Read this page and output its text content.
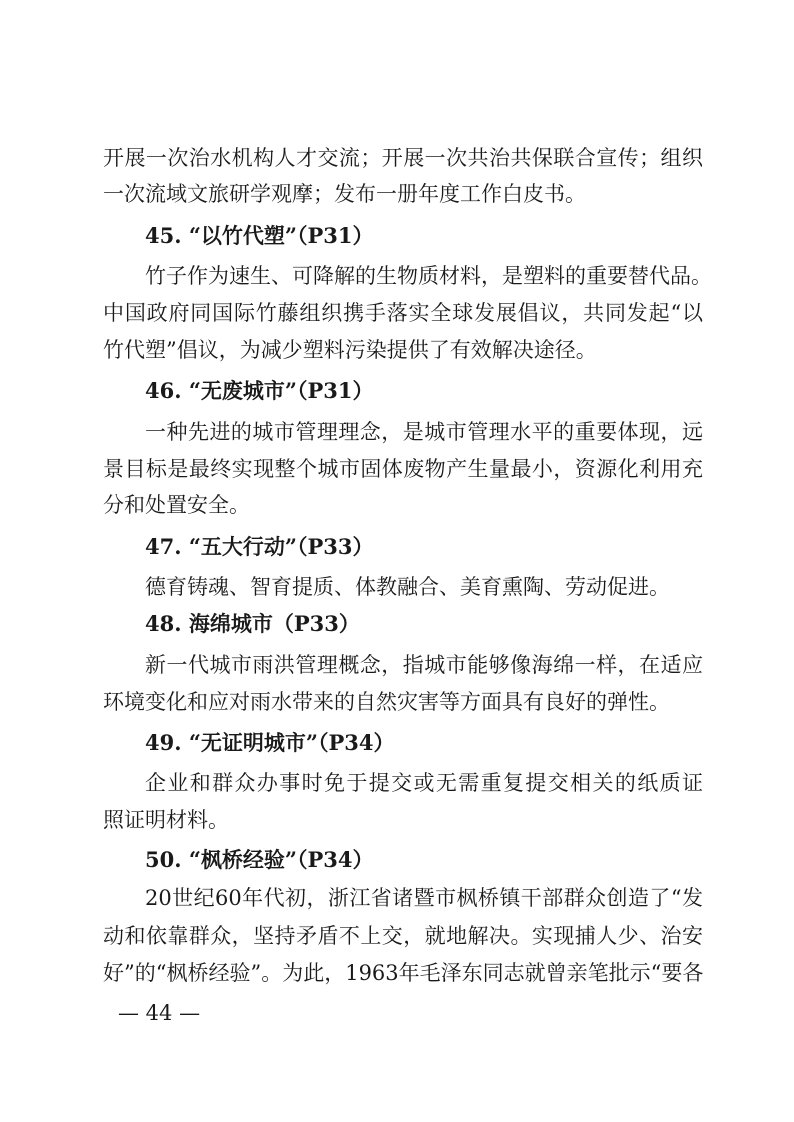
开展一次治水机构人才交流；开展一次共治共保联合宣传；组织
一次流域文旅研学观摩；发布一册年度工作白皮书。
45. “以竹代塑”（P31）
竹子作为速生、可降解的生物质材料，是塑料的重要替代品。
中国政府同国际竹藤组织携手落实全球发展倡议，共同发起“以
竹代塑”倡议，为减少塑料污染提供了有效解决途径。
46. “无废城市”（P31）
一种先进的城市管理理念，是城市管理水平的重要体现，远
景目标是最终实现整个城市固体废物产生量最小，资源化利用充
分和处置安全。
47. “五大行动”（P33）
德育铸魂、智育提质、体教融合、美育熏陶、劳动促进。
48. 海绵城市（P33）
新一代城市雨洪管理概念，指城市能够像海绵一样，在适应
环境变化和应对雨水带来的自然灾害等方面具有良好的弹性。
49. “无证明城市”（P34）
企业和群众办事时免于提交或无需重复提交相关的纸质证
照证明材料。
50. “枫桥经验”（P34）
20世纪60年代初，浙江省诸暨市枫桥镇干部群众创造了“发
动和依靠群众，坚持矛盾不上交，就地解决。实现捕人少、治安
好”的“枫桥经验”。为此，1963年毛泽东同志就曾亲笔批示“要各
— 44 —
